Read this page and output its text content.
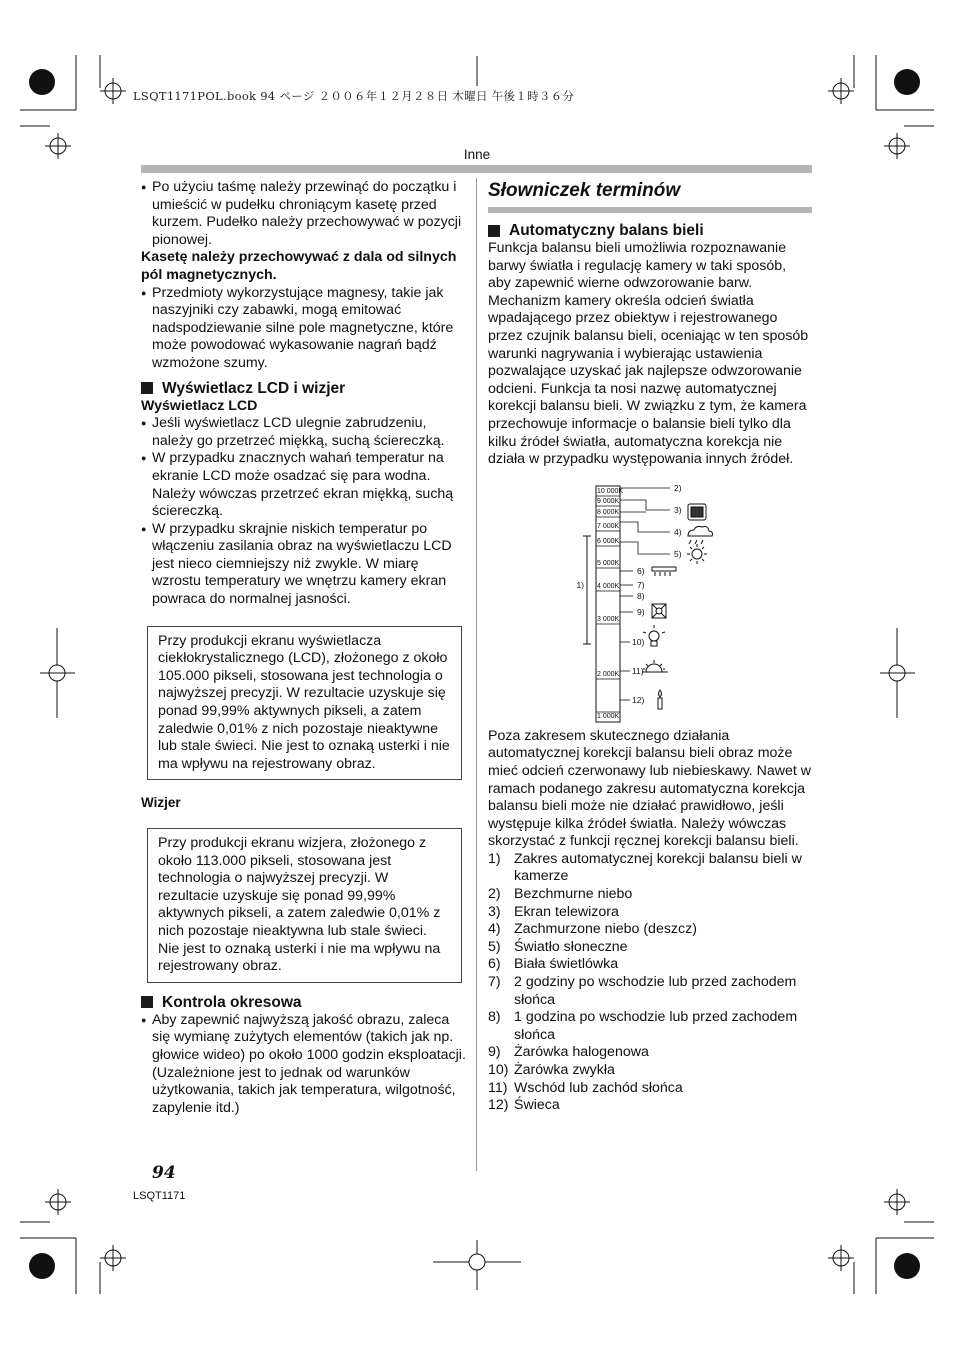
LSQT1171POL.book 94 ページ ２００６年１２月２８日 木曜日 午後１時３６分
Inne

● Po użyciu taśmę należy przewinąć do początku i umieścić w pudełku chroniącym kasetę przed kurzem. Pudełko należy przechowywać w pozycji pionowej.

Kasetę należy przechowywać z dala od silnych pól magnetycznych.

● Przedmioty wykorzystujące magnesy, takie jak naszyjniki czy zabawki, mogą emitować nadspodziewanie silne pole magnetyczne, które może powodować wykasowanie nagrań bądź wzmożone szumy.

Wyświetlacz LCD i wizjer

Wyświetlacz LCD

● Jeśli wyświetlacz LCD ulegnie zabrudzeniu, należy go przetrzeć miękką, suchą ściereczką.

● W przypadku znacznych wahań temperatur na ekranie LCD może osadzać się para wodna. Należy wówczas przetrzeć ekran miękką, suchą ściereczką.

● W przypadku skrajnie niskich temperatur po włączeniu zasilania obraz na wyświetlaczu LCD jest nieco ciemniejszy niż zwykle. W miarę wzrostu temperatury we wnętrzu kamery ekran powraca do normalnej jasności.

Przy produkcji ekranu wyświetlacza ciekłokrystalicznego (LCD), złożonego z około 105.000 pikseli, stosowana jest technologia o najwyższej precyzji. W rezultacie uzyskuje się ponad 99,99% aktywnych pikseli, a zatem zaledwie 0,01% z nich pozostaje nieaktywne lub stale świeci. Nie jest to oznaką usterki i nie ma wpływu na rejestrowany obraz.

Wizjer

Przy produkcji ekranu wizjera, złożonego z około 113.000 pikseli, stosowana jest technologia o najwyższej precyzji. W rezultacie uzyskuje się ponad 99,99% aktywnych pikseli, a zatem zaledwie 0,01% z nich pozostaje nieaktywna lub stale świeci. Nie jest to oznaką usterki i nie ma wpływu na rejestrowany obraz.

Kontrola okresowa

● Aby zapewnić najwyższą jakość obrazu, zaleca się wymianę zużytych elementów (takich jak np. głowice wideo) po około 1000 godzin eksploatacji. (Uzależnione jest to jednak od warunków użytkowania, takich jak temperatura, wilgotność, zapylenie itd.)

Słowniczek terminów

Automatyczny balans bieli

Funkcja balansu bieli umożliwia rozpoznawanie barwy światła i regulację kamery w taki sposób, aby zapewnić wierne odwzorowanie barw. Mechanizm kamery określa odcień światła wpadającego przez obiektyw i rejestrowanego przez czujnik balansu bieli, oceniając w ten sposób warunki nagrywania i wybierając ustawienia pozwalające uzyskać jak najlepsze odwzorowanie odcieni. Funkcja ta nosi nazwę automatycznej korekcji balansu bieli. W związku z tym, że kamera przechowuje informacje o balansie bieli tylko dla kilku źródeł światła, automatyczna korekcja nie działa w przypadku występowania innych źródeł.

10 000K
9 000K
8 000K
7 000K
6 000K
5 000K
4 000K
3 000K
2 000K
1 000K
1)
2)
3)
4)
5)
6)
7)
8)
9)
10)
11)
12)

Poza zakresem skutecznego działania automatycznej korekcji balansu bieli obraz może mieć odcień czerwonawy lub niebieskawy. Nawet w ramach podanego zakresu automatyczna korekcja balansu bieli może nie działać prawidłowo, jeśli występuje kilka źródeł światła. Należy wówczas skorzystać z funkcji ręcznej korekcji balansu bieli.

1) Zakres automatycznej korekcji balansu bieli w kamerze
2) Bezchmurne niebo
3) Ekran telewizora
4) Zachmurzone niebo (deszcz)
5) Światło słoneczne
6) Biała świetlówka
7) 2 godziny po wschodzie lub przed zachodem słońca
8) 1 godzina po wschodzie lub przed zachodem słońca
9) Żarówka halogenowa
10) Żarówka zwykła
11) Wschód lub zachód słońca
12) Świeca
94
LSQT1171
